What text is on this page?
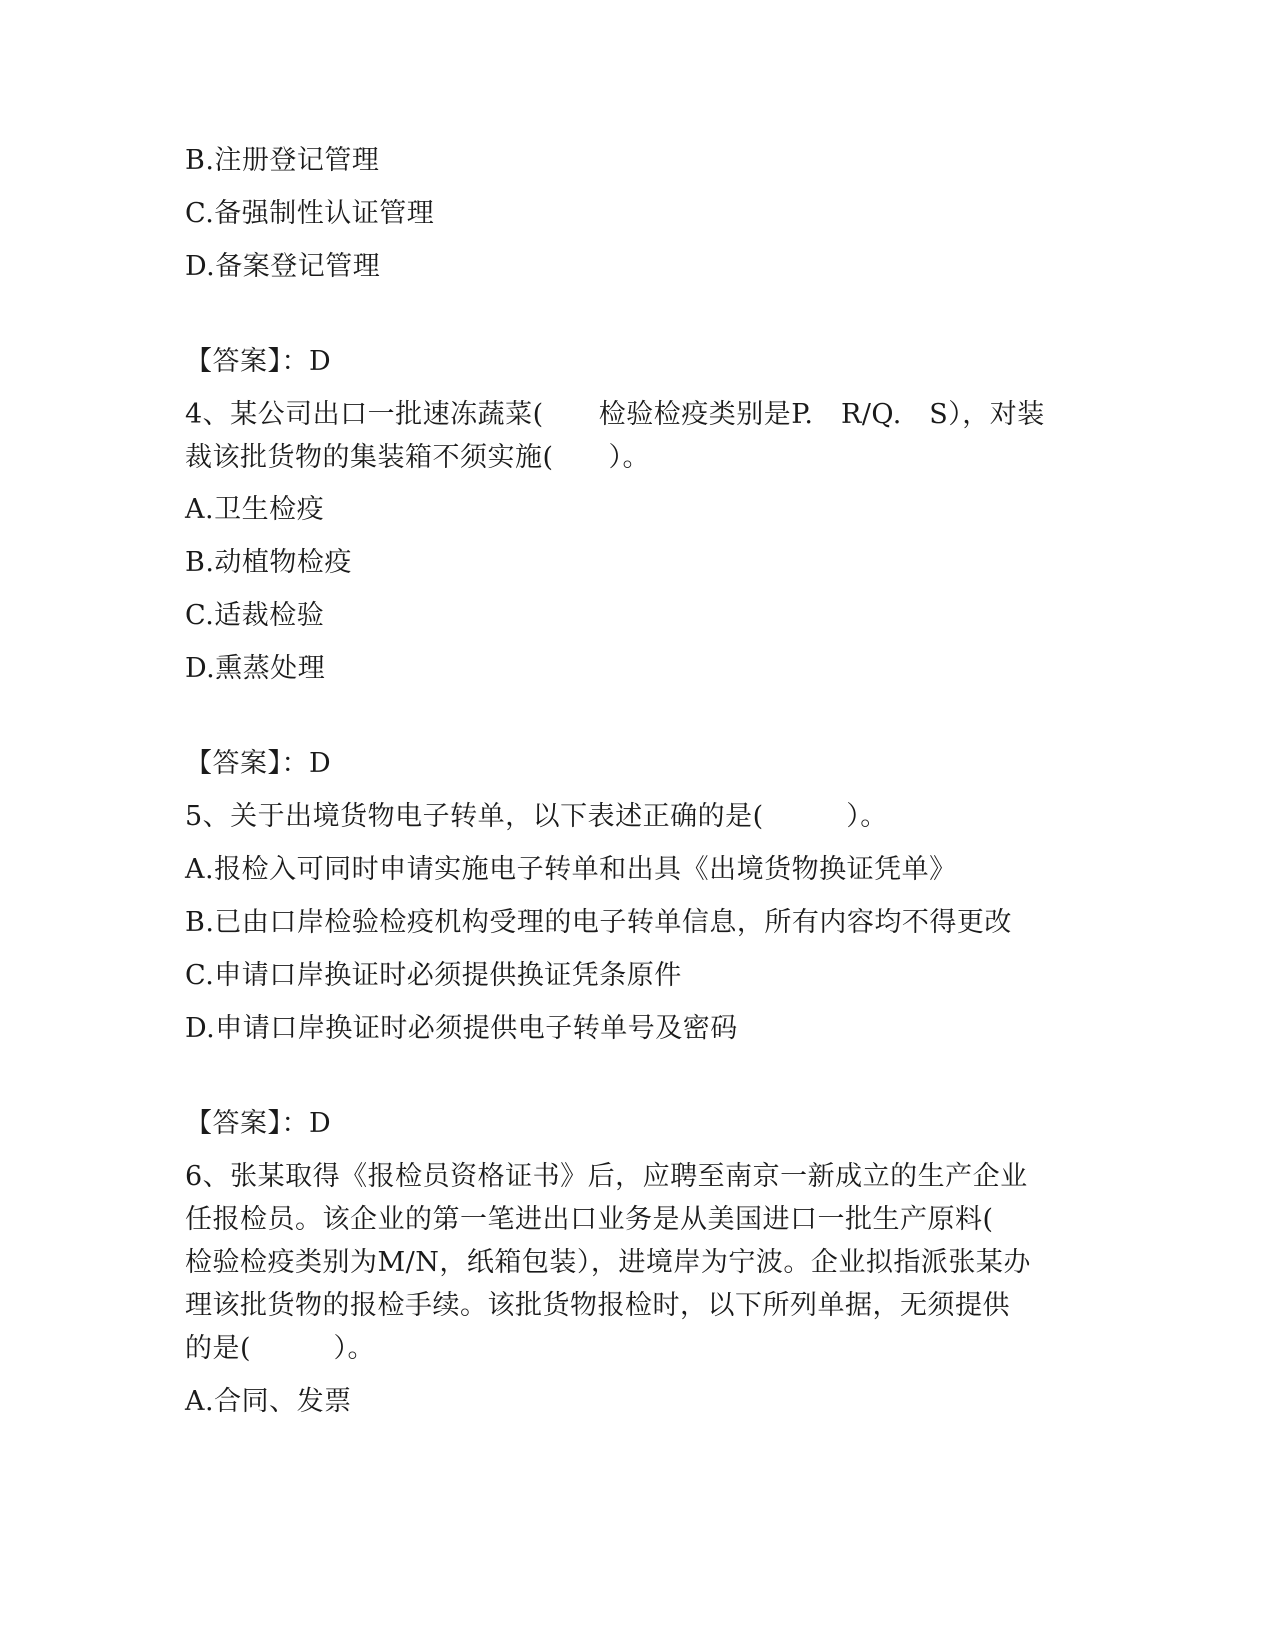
B.注册登记管理
C.备强制性认证管理
D.备案登记管理
【答案】：D
4、某公司出口一批速冻蔬菜(　　检验检疫类别是P.　R/Q.　S），对装
裁该批货物的集装箱不须实施(　　）。
A.卫生检疫
B.动植物检疫
C.适裁检验
D.熏蒸处理
【答案】：D
5、关于出境货物电子转单，以下表述正确的是(　　　）。
A.报检入可同时申请实施电子转单和出具《出境货物换证凭单》
B.已由口岸检验检疫机构受理的电子转单信息，所有内容均不得更改
C.申请口岸换证时必须提供换证凭条原件
D.申请口岸换证时必须提供电子转单号及密码
【答案】：D
6、张某取得《报检员资格证书》后，应聘至南京一新成立的生产企业
任报检员。该企业的第一笔进出口业务是从美国进口一批生产原料(
检验检疫类别为M/N，纸箱包装），进境岸为宁波。企业拟指派张某办
理该批货物的报检手续。该批货物报检时，以下所列单据，无须提供
的是(　　　）。
A.合同、发票
